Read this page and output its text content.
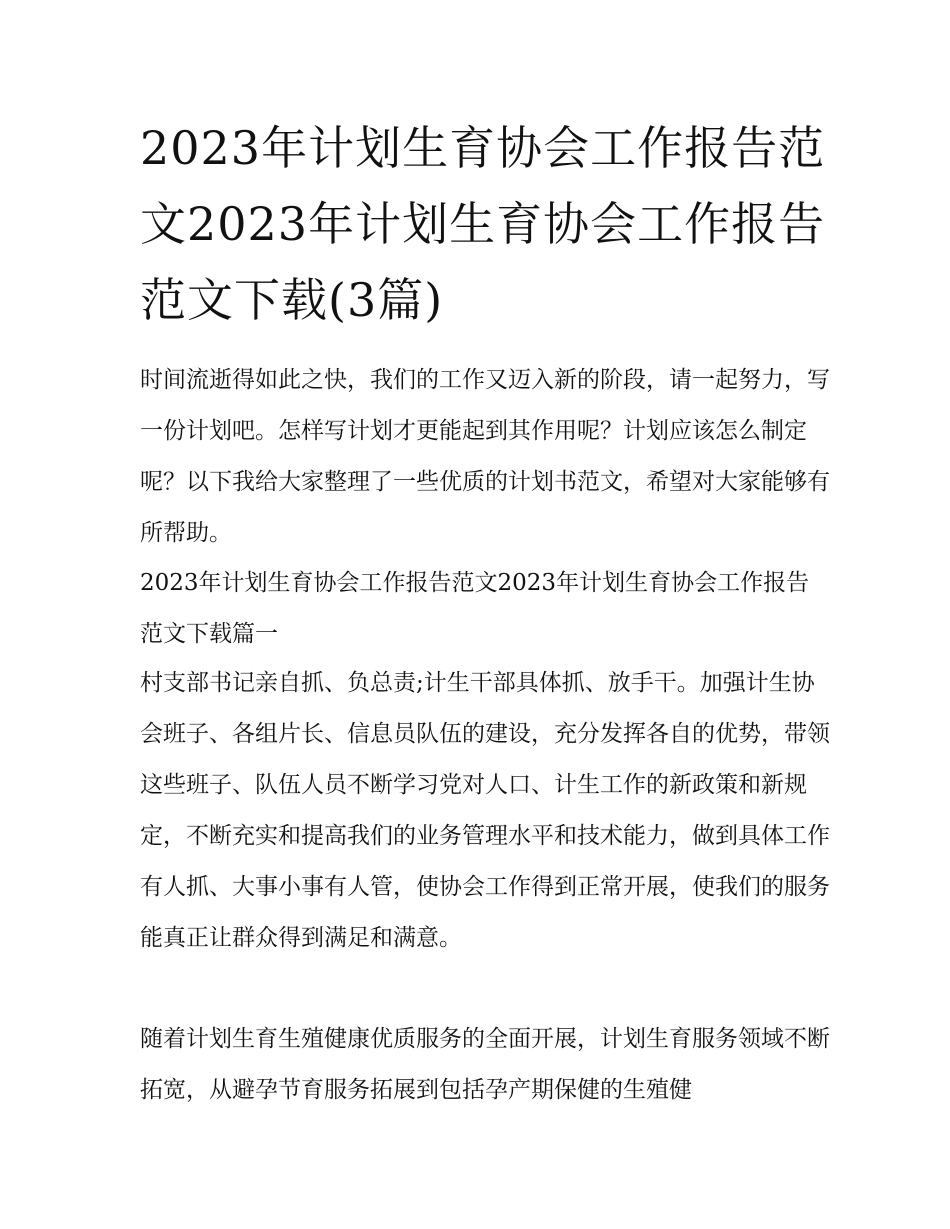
2023年计划生育协会工作报告范文2023年计划生育协会工作报告范文下载(3篇)

时间流逝得如此之快，我们的工作又迈入新的阶段，请一起努力，写一份计划吧。怎样写计划才更能起到其作用呢？计划应该怎么制定呢？以下我给大家整理了一些优质的计划书范文，希望对大家能够有所帮助。

2023年计划生育协会工作报告范文2023年计划生育协会工作报告范文下载篇一

村支部书记亲自抓、负总责;计生干部具体抓、放手干。加强计生协会班子、各组片长、信息员队伍的建设，充分发挥各自的优势，带领这些班子、队伍人员不断学习党对人口、计生工作的新政策和新规定，不断充实和提高我们的业务管理水平和技术能力，做到具体工作有人抓、大事小事有人管，使协会工作得到正常开展，使我们的服务能真正让群众得到满足和满意。

随着计划生育生殖健康优质服务的全面开展，计划生育服务领域不断拓宽，从避孕节育服务拓展到包括孕产期保健的生殖健
